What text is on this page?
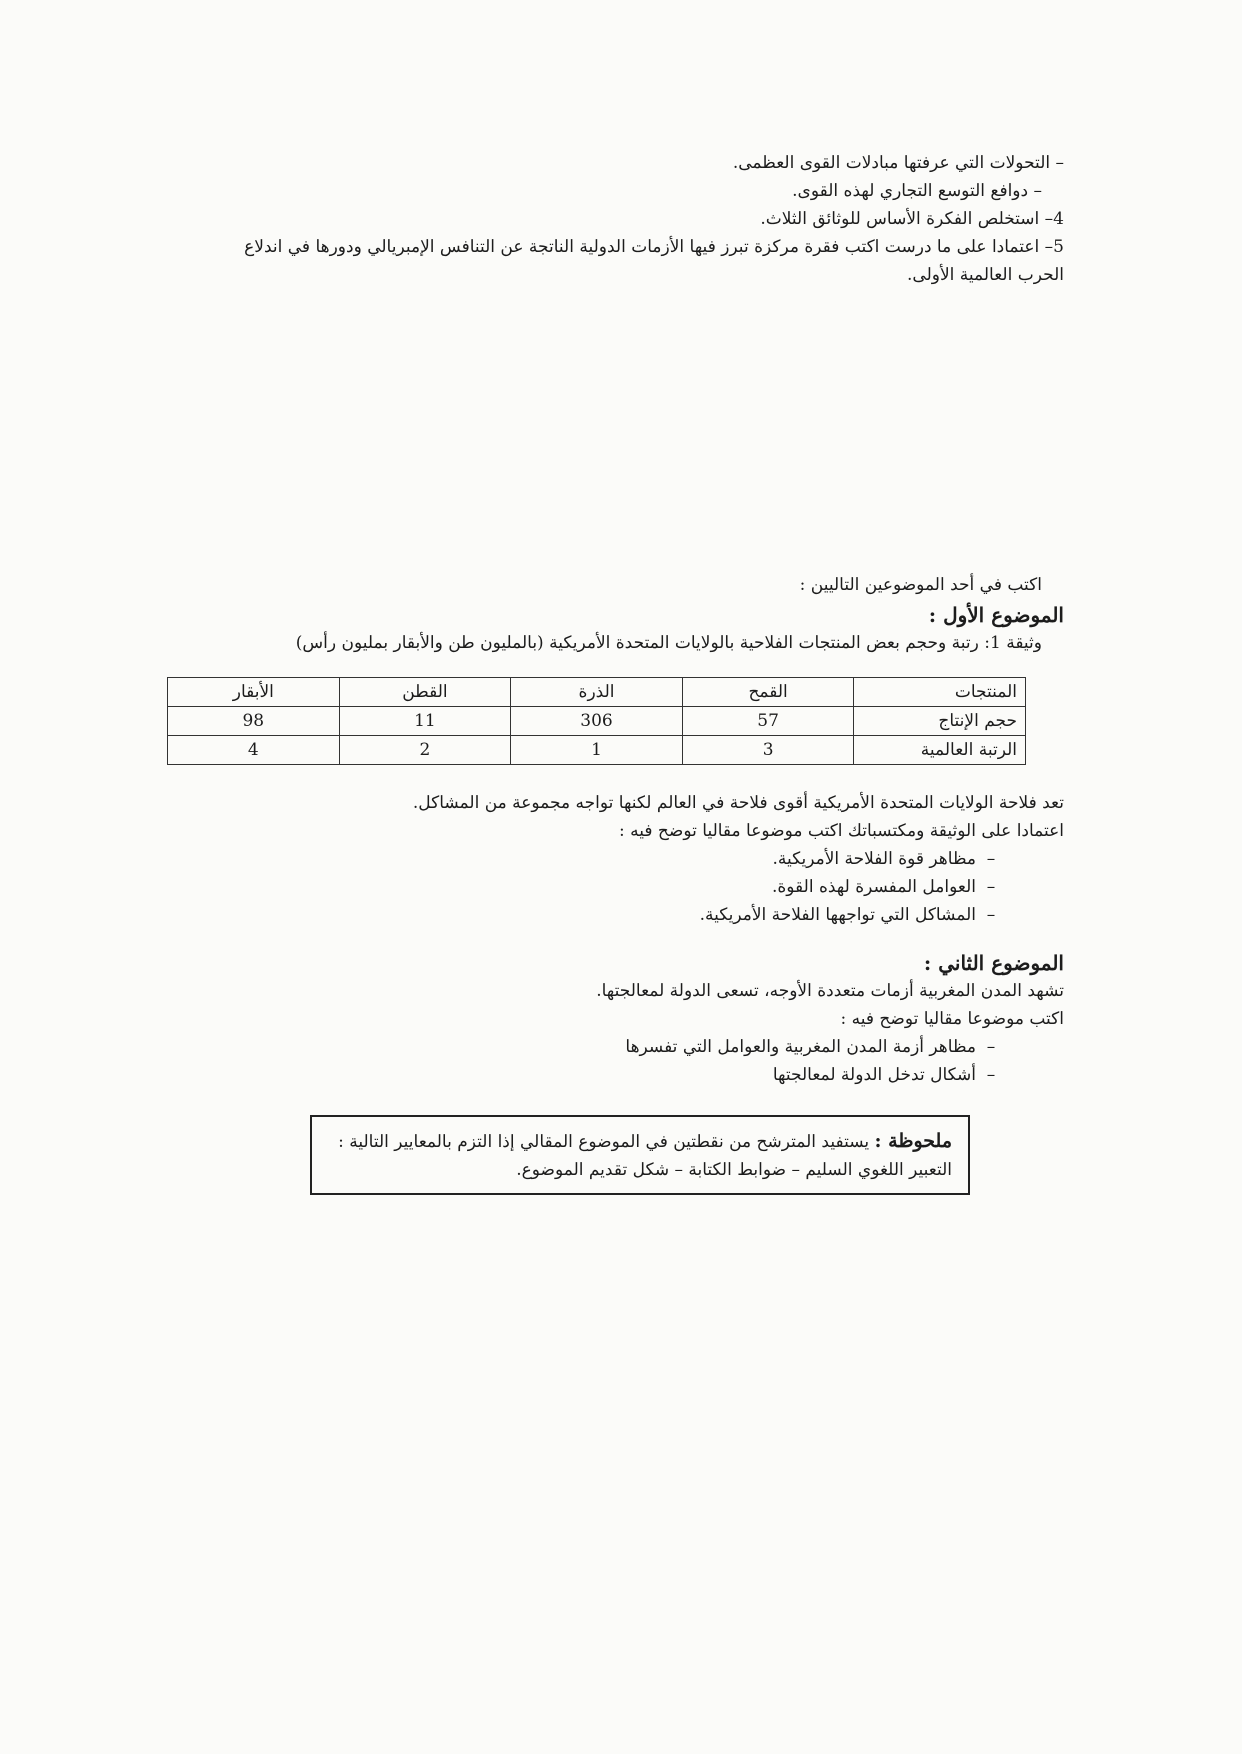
– التحولات التي عرفتها مبادلات القوى العظمى.
– دوافع التوسع التجاري لهذه القوى.
4– استخلص الفكرة الأساس للوثائق الثلاث.
5– اعتمادا على ما درست اكتب فقرة مركزة تبرز فيها الأزمات الدولية الناتجة عن التنافس الإمبريالي ودورها في اندلاع
الحرب العالمية الأولى.
اكتب في أحد الموضوعين التاليين :
الموضوع الأول :
وثيقة 1: رتبة وحجم بعض المنتجات الفلاحية بالولايات المتحدة الأمريكية (بالمليون طن والأبقار بمليون رأس)
المنتجات	القمح	الذرة	القطن	الأبقار
حجم الإنتاج	57	306	11	98
الرتبة العالمية	3	1	2	4
تعد فلاحة الولايات المتحدة الأمريكية أقوى فلاحة في العالم لكنها تواجه مجموعة من المشاكل.
اعتمادا على الوثيقة ومكتسباتك اكتب موضوعا مقاليا توضح فيه :
–مظاهر قوة الفلاحة الأمريكية.
–العوامل المفسرة لهذه القوة.
–المشاكل التي تواجهها الفلاحة الأمريكية.
الموضوع الثاني :
تشهد المدن المغربية أزمات متعددة الأوجه، تسعى الدولة لمعالجتها.
اكتب موضوعا مقاليا توضح فيه :
–مظاهر أزمة المدن المغربية والعوامل التي تفسرها
–أشكال تدخل الدولة لمعالجتها
ملحوظة : يستفيد المترشح من نقطتين في الموضوع المقالي إذا التزم بالمعايير التالية :
التعبير اللغوي السليم – ضوابط الكتابة – شكل تقديم الموضوع.
